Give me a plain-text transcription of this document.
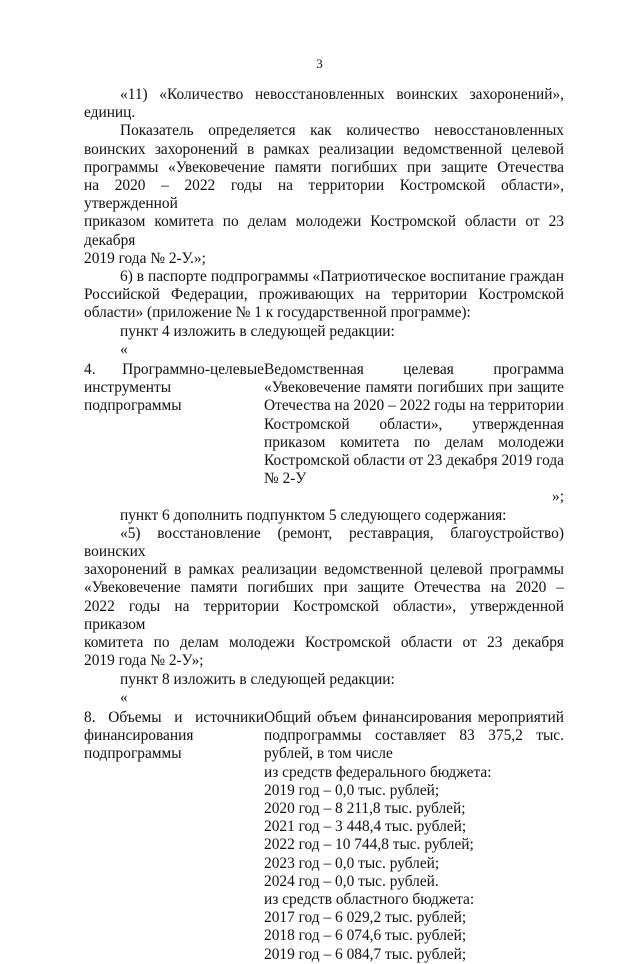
3

«11) «Количество невосстановленных воинских захоронений»,

единиц.

Показатель определяется как количество невосстановленных

воинских захоронений в рамках реализации ведомственной целевой

программы «Увековечение памяти погибших при защите Отечества

на 2020 – 2022 годы на территории Костромской области», утвержденной

приказом комитета по делам молодежи Костромской области от 23 декабря

2019 года № 2-У.»;

6) в паспорте подпрограммы «Патриотическое воспитание граждан

Российской Федерации, проживающих на территории Костромской

области» (приложение № 1 к государственной программе):

пункт 4 изложить в следующей редакции:

«

4. Программно-целевые

инструменты

подпрограммы

Ведомственная целевая программа

«Увековечение памяти погибших при защите

Отечества на 2020 – 2022 годы на территории

Костромской области», утвержденная

приказом комитета по делам молодежи

Костромской области от 23 декабря 2019 года

№ 2-У

»;

пункт 6 дополнить подпунктом 5 следующего содержания:

«5) восстановление (ремонт, реставрация, благоустройство) воинских

захоронений в рамках реализации ведомственной целевой программы

«Увековечение памяти погибших при защите Отечества на 2020 –

2022 годы на территории Костромской области», утвержденной приказом

комитета по делам молодежи Костромской области от 23 декабря

2019 года № 2-У»;

пункт 8 изложить в следующей редакции:

«

8. Объемы и источники

финансирования

подпрограммы

Общий объем финансирования мероприятий

подпрограммы составляет 83 375,2 тыс.

рублей, в том числе

из средств федерального бюджета:

2019 год – 0,0 тыс. рублей;

2020 год – 8 211,8 тыс. рублей;

2021 год – 3 448,4 тыс. рублей;

2022 год – 10 744,8 тыс. рублей;

2023 год – 0,0 тыс. рублей;

2024 год – 0,0 тыс. рублей.

из средств областного бюджета:

2017 год – 6 029,2 тыс. рублей;

2018 год – 6 074,6 тыс. рублей;

2019 год – 6 084,7 тыс. рублей;
